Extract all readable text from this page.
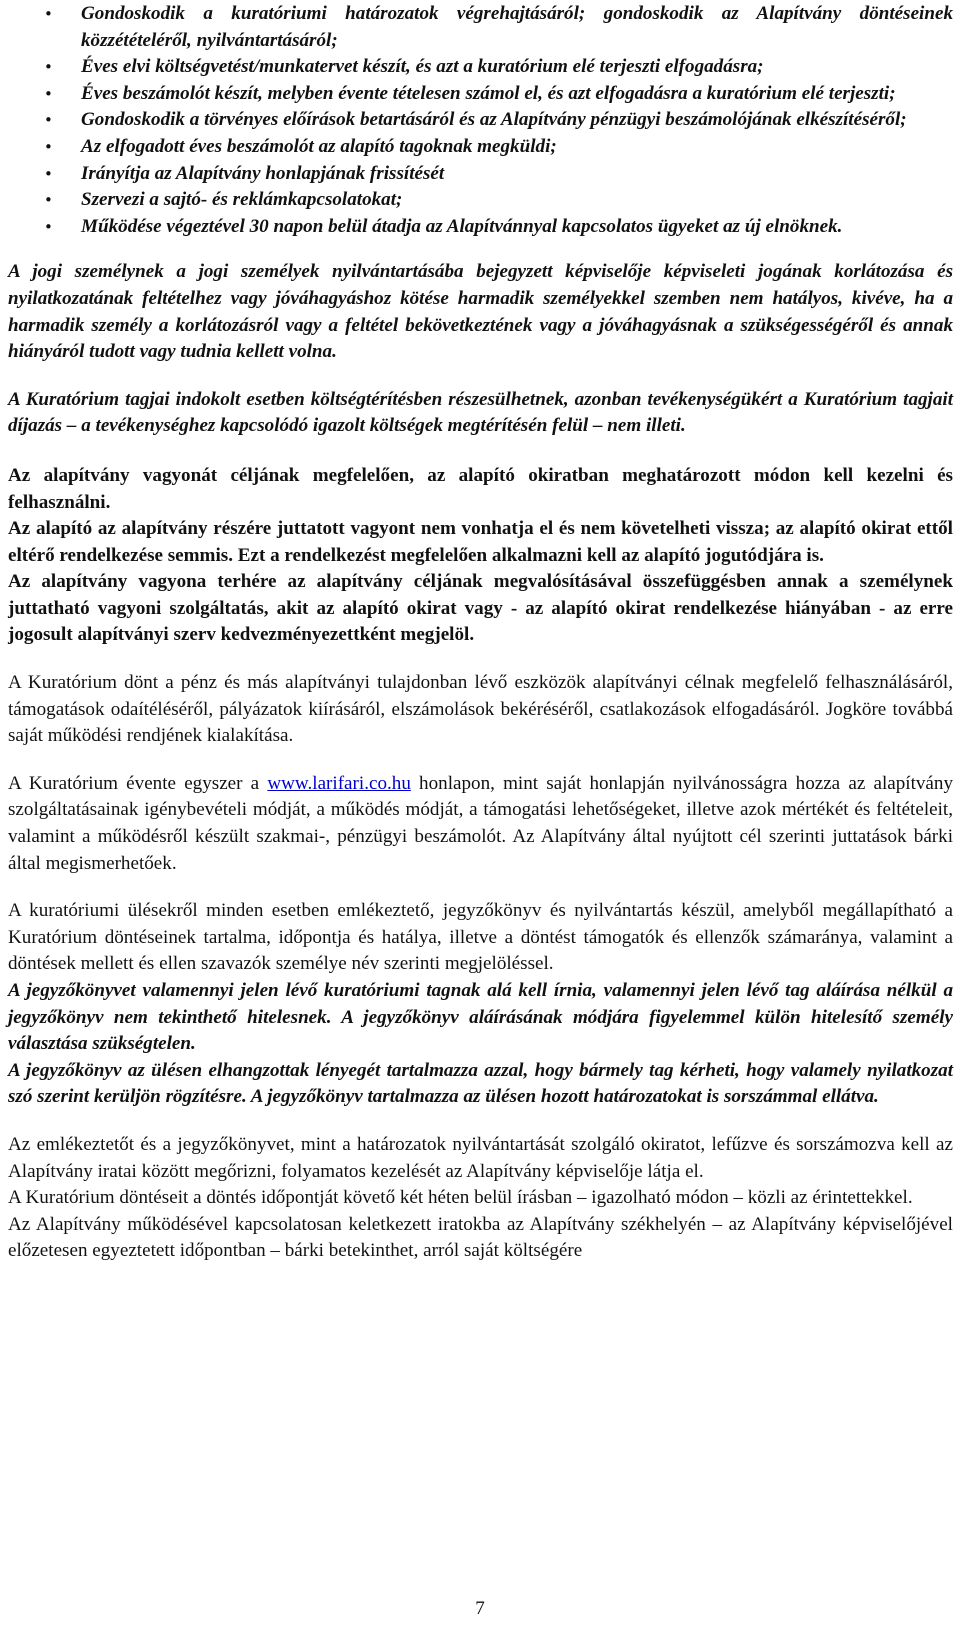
• Gondoskodik a kuratóriumi határozatok végrehajtásáról; gondoskodik az Alapítvány döntéseinek közzétételéről, nyilvántartásáról;
• Éves elvi költségvetést/munkatervet készít, és azt a kuratórium elé terjeszti elfogadásra;
• Éves beszámolót készít, melyben évente tételesen számol el, és azt elfogadásra a kuratórium elé terjeszti;
• Gondoskodik a törvényes előírások betartásáról és az Alapítvány pénzügyi beszámolójának elkészítéséről;
• Az elfogadott éves beszámolót az alapító tagoknak megküldi;
• Irányítja az Alapítvány honlapjának frissítését
• Szervezi a sajtó- és reklámkapcsolatokat;
• Működése végeztével 30 napon belül átadja az Alapítvánnyal kapcsolatos ügyeket az új elnöknek.

A jogi személynek a jogi személyek nyilvántartásába bejegyzett képviselője képviseleti jogának korlátozása és nyilatkozatának feltételhez vagy jóváhagyáshoz kötése harmadik személyekkel szemben nem hatályos, kivéve, ha a harmadik személy a korlátozásról vagy a feltétel bekövetkeztének vagy a jóváhagyásnak a szükségességéről és annak hiányáról tudott vagy tudnia kellett volna.

A Kuratórium tagjai indokolt esetben költségtérítésben részesülhetnek, azonban tevékenységükért a Kuratórium tagjait díjazás – a tevékenységhez kapcsolódó igazolt költségek megtérítésén felül – nem illeti.

Az alapítvány vagyonát céljának megfelelően, az alapító okiratban meghatározott módon kell kezelni és felhasználni.

Az alapító az alapítvány részére juttatott vagyont nem vonhatja el és nem követelheti vissza; az alapító okirat ettől eltérő rendelkezése semmis. Ezt a rendelkezést megfelelően alkalmazni kell az alapító jogutódjára is.

Az alapítvány vagyona terhére az alapítvány céljának megvalósításával összefüggésben annak a személynek juttatható vagyoni szolgáltatás, akit az alapító okirat vagy - az alapító okirat rendelkezése hiányában - az erre jogosult alapítványi szerv kedvezményezettként megjelöl.

A Kuratórium dönt a pénz és más alapítványi tulajdonban lévő eszközök alapítványi célnak megfelelő felhasználásáról, támogatások odaítéléséről, pályázatok kiírásáról, elszámolások bekéréséről, csatlakozások elfogadásáról. Jogköre továbbá saját működési rendjének kialakítása.

A Kuratórium évente egyszer a www.larifari.co.hu honlapon, mint saját honlapján nyilvánosságra hozza az alapítvány szolgáltatásainak igénybevételi módját, a működés módját, a támogatási lehetőségeket, illetve azok mértékét és feltételeit, valamint a működésről készült szakmai-, pénzügyi beszámolót. Az Alapítvány által nyújtott cél szerinti juttatások bárki által megismerhetőek.

A kuratóriumi ülésekről minden esetben emlékeztető, jegyzőkönyv és nyilvántartás készül, amelyből megállapítható a Kuratórium döntéseinek tartalma, időpontja és hatálya, illetve a döntést támogatók és ellenzők számaránya, valamint a döntések mellett és ellen szavazók személye név szerinti megjelöléssel.

A jegyzőkönyvet valamennyi jelen lévő kuratóriumi tagnak alá kell írnia, valamennyi jelen lévő tag aláírása nélkül a jegyzőkönyv nem tekinthető hitelesnek. A jegyzőkönyv aláírásának módjára figyelemmel külön hitelesítő személy választása szükségtelen.

A jegyzőkönyv az ülésen elhangzottak lényegét tartalmazza azzal, hogy bármely tag kérheti, hogy valamely nyilatkozat szó szerint kerüljön rögzítésre. A jegyzőkönyv tartalmazza az ülésen hozott határozatokat is sorszámmal ellátva.

Az emlékeztetőt és a jegyzőkönyvet, mint a határozatok nyilvántartását szolgáló okiratot, lefűzve és sorszámozva kell az Alapítvány iratai között megőrizni, folyamatos kezelését az Alapítvány képviselője látja el.

A Kuratórium döntéseit a döntés időpontját követő két héten belül írásban – igazolható módon – közli az érintettekkel.

Az Alapítvány működésével kapcsolatosan keletkezett iratokba az Alapítvány székhelyén – az Alapítvány képviselőjével előzetesen egyeztetett időpontban – bárki betekinthet, arról saját költségére

7
